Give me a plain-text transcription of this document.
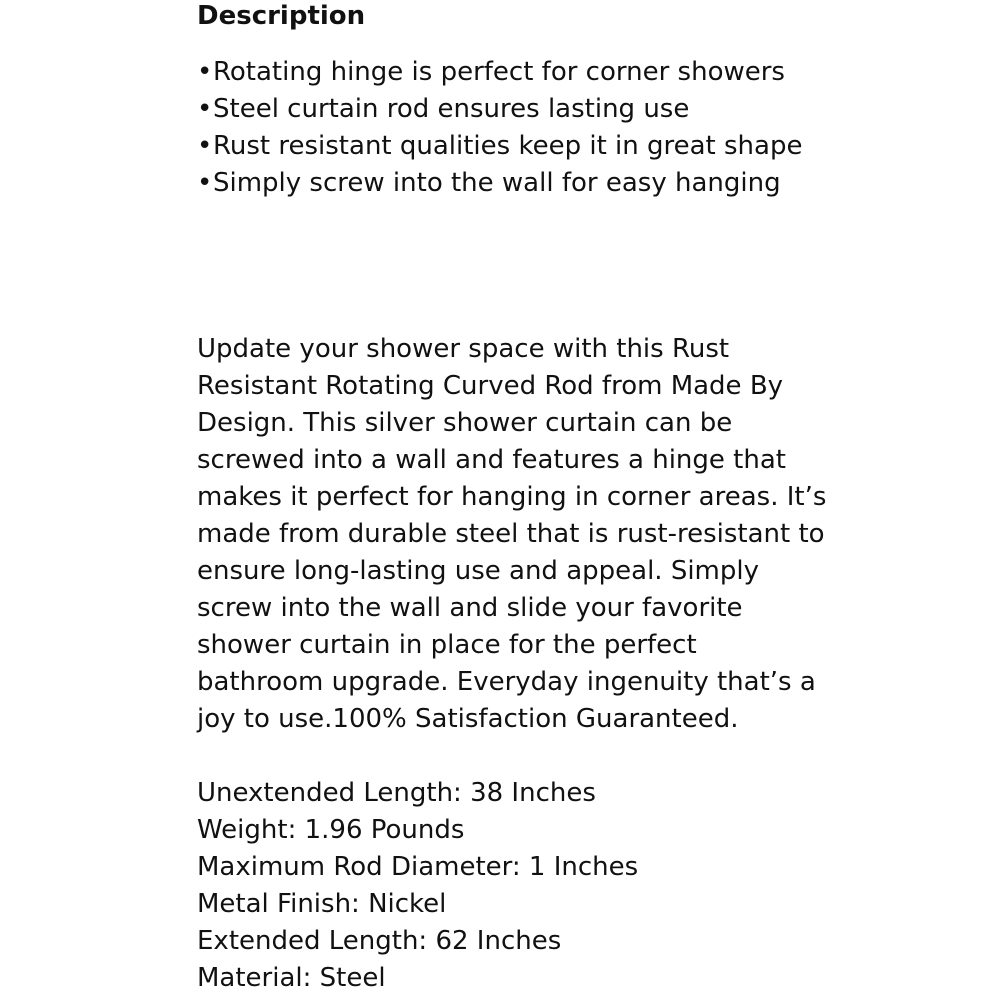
Description
•Rotating hinge is perfect for corner showers
•Steel curtain rod ensures lasting use
•Rust resistant qualities keep it in great shape
•Simply screw into the wall for easy hanging

Update your shower space with this Rust Resistant Rotating Curved Rod from Made By Design. This silver shower curtain can be screwed into a wall and features a hinge that makes it perfect for hanging in corner areas. It’s made from durable steel that is rust-resistant to ensure long-lasting use and appeal. Simply screw into the wall and slide your favorite shower curtain in place for the perfect bathroom upgrade. Everyday ingenuity that’s a joy to use.100% Satisfaction Guaranteed.

Unextended Length: 38 Inches
Weight: 1.96 Pounds
Maximum Rod Diameter: 1 Inches
Metal Finish: Nickel
Extended Length: 62 Inches
Material: Steel
